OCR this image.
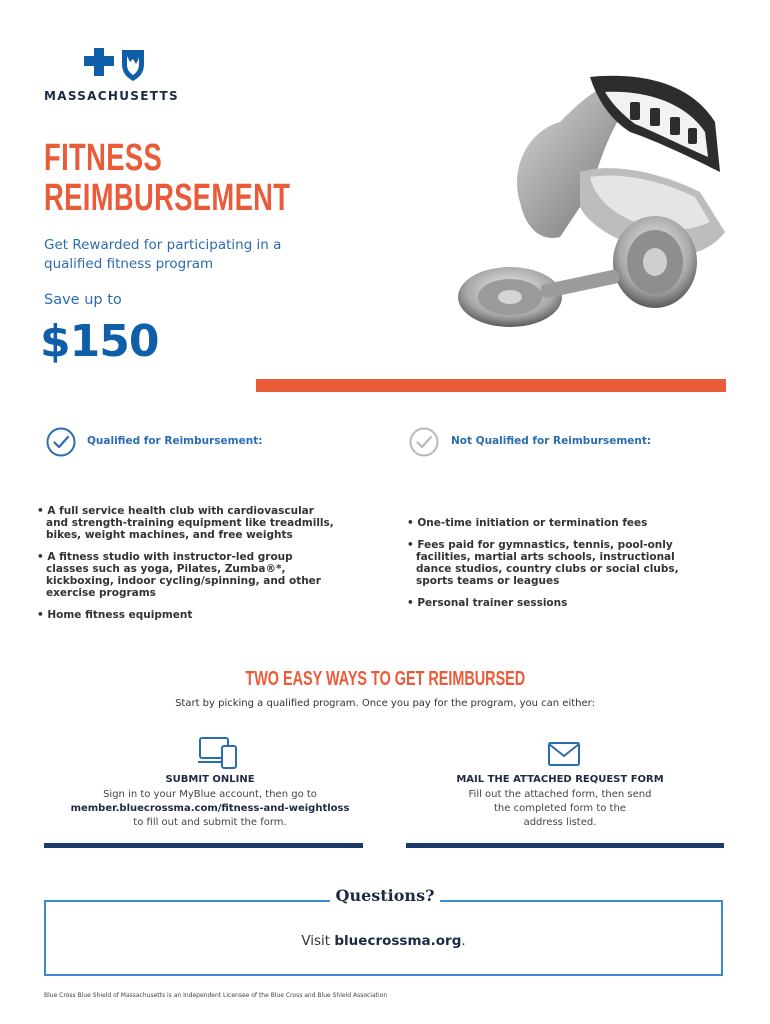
MASSACHUSETTS
FITNESS
REIMBURSEMENT
Get Rewarded for participating in a qualified fitness program
Save up to
$150
Qualified for Reimbursement:
• A full service health club with cardiovascular and strength-training equipment like treadmills, bikes, weight machines, and free weights
• A fitness studio with instructor-led group classes such as yoga, Pilates, Zumba®*, kickboxing, indoor cycling/spinning, and other exercise programs
• Home fitness equipment
Not Qualified for Reimbursement:
• One-time initiation or termination fees
• Fees paid for gymnastics, tennis, pool-only facilities, martial arts schools, instructional dance studios, country clubs or social clubs, sports teams or leagues
• Personal trainer sessions
TWO EASY WAYS TO GET REIMBURSED
Start by picking a qualified program. Once you pay for the program, you can either:
SUBMIT ONLINE
Sign in to your MyBlue account, then go to
member.bluecrossma.com/fitness-and-weightloss
to fill out and submit the form.
MAIL THE ATTACHED REQUEST FORM
Fill out the attached form, then send
the completed form to the
address listed.
Questions?
Visit bluecrossma.org.
Blue Cross Blue Shield of Massachusetts is an Independent Licensee of the Blue Cross and Blue Shield Association
